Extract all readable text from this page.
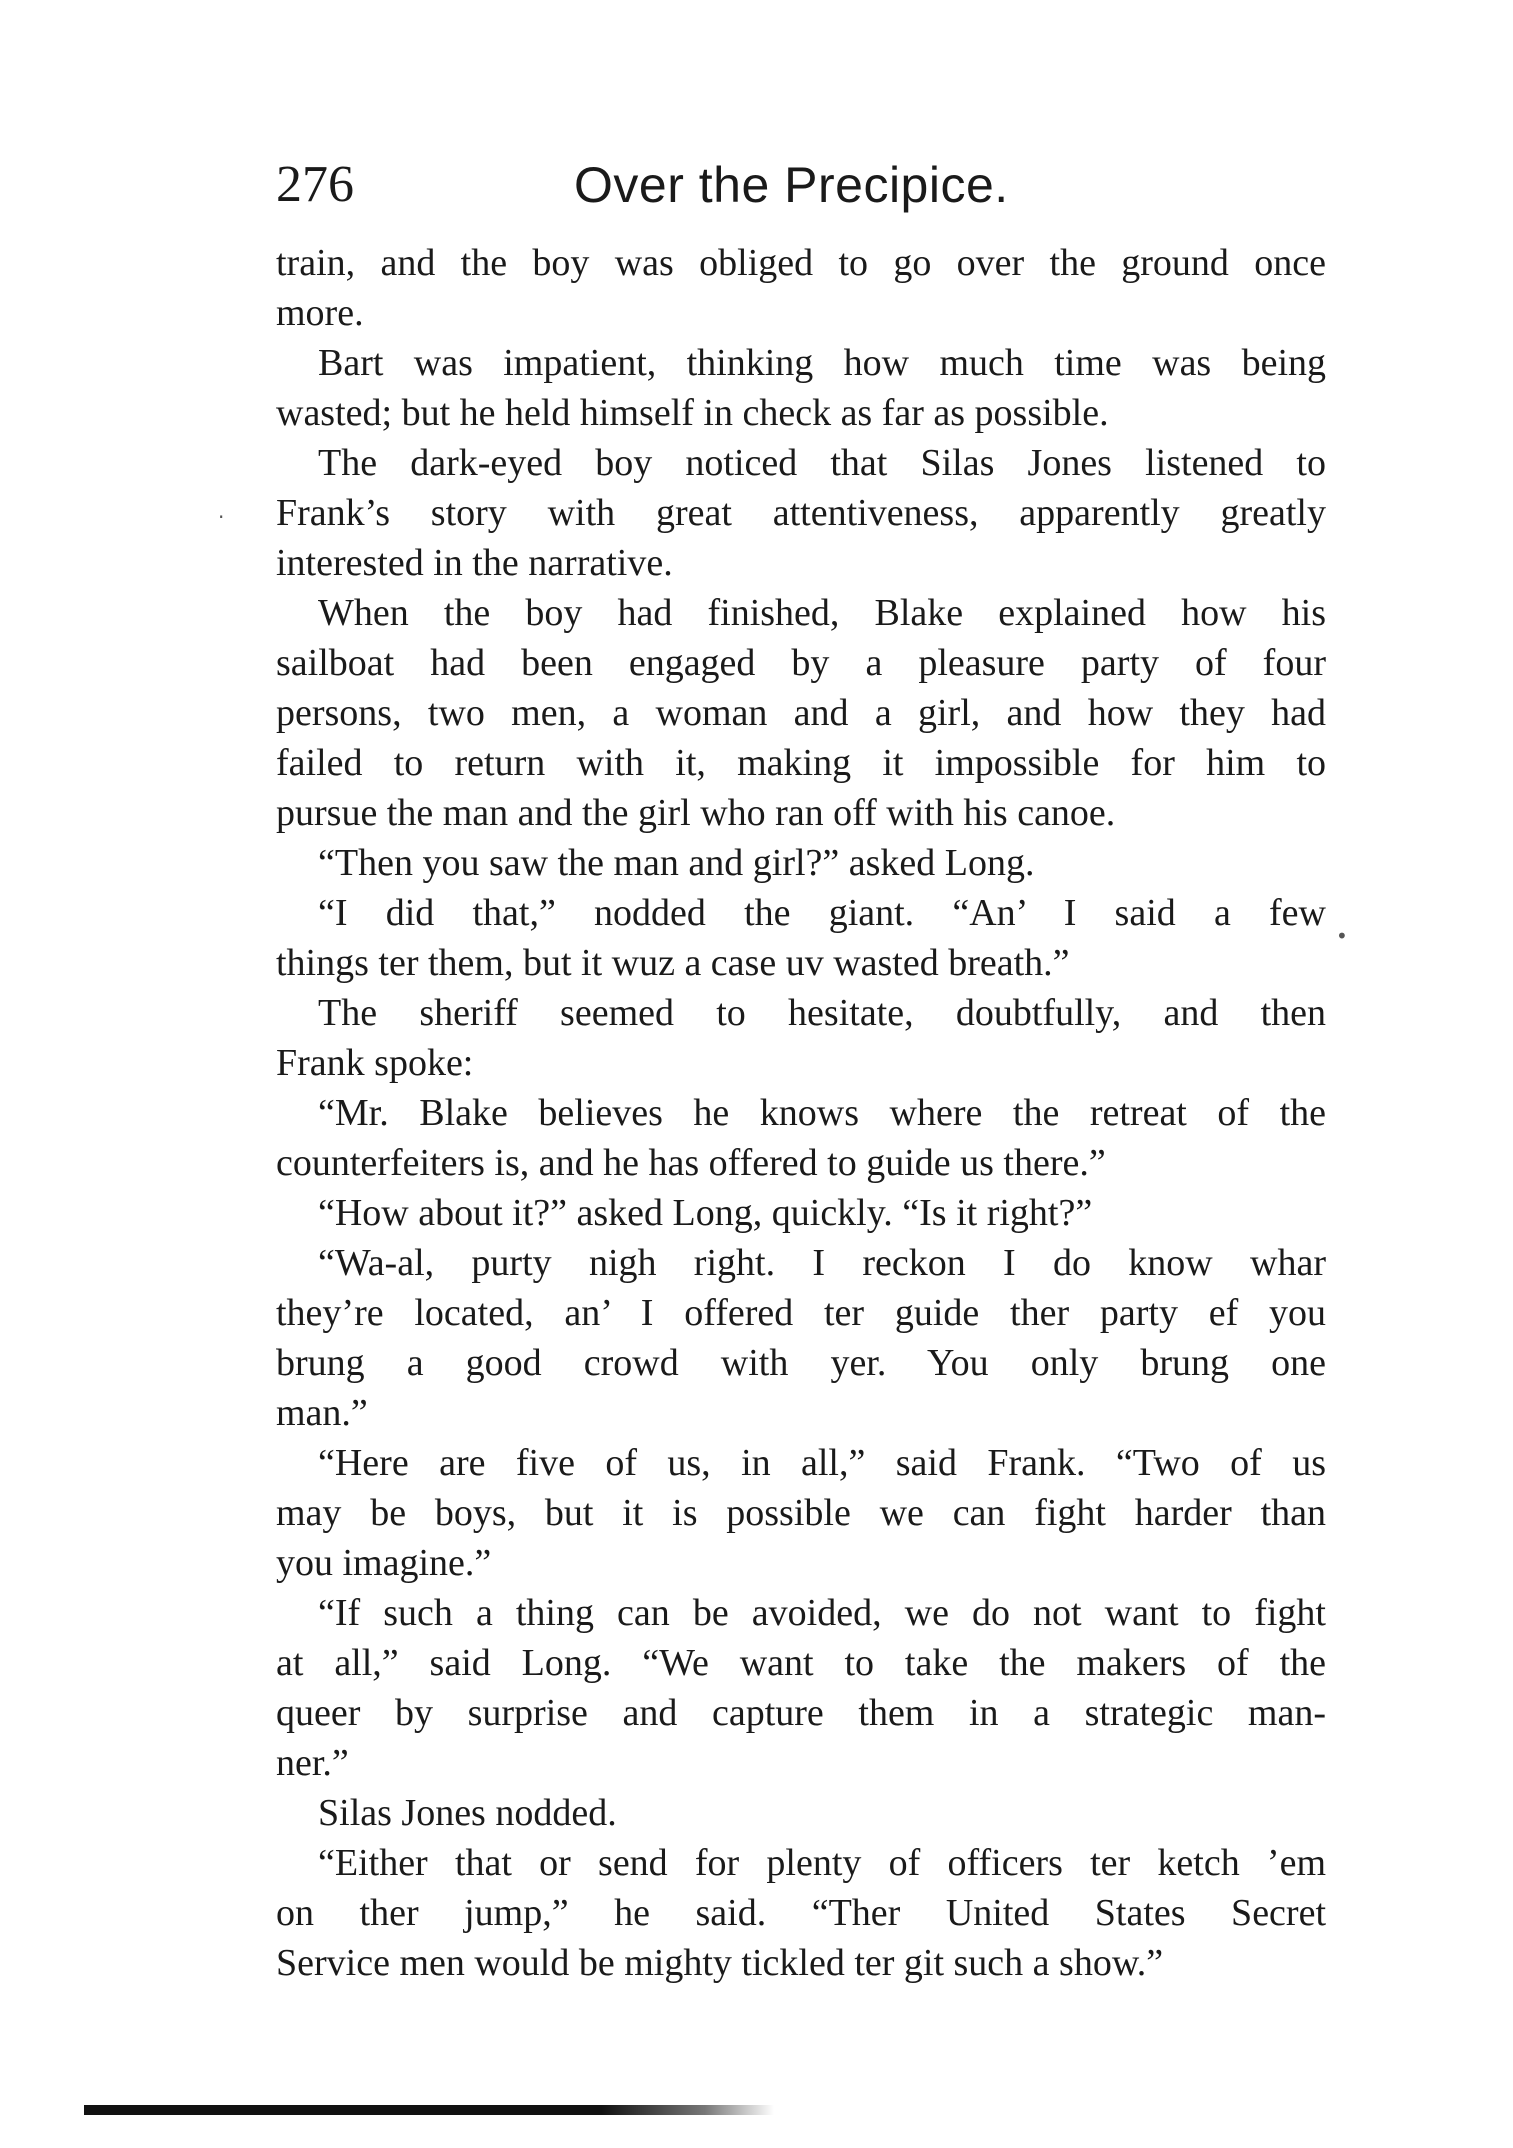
276	Over the Precipice.
train, and the boy was obliged to go over the ground once
more.
Bart was impatient, thinking how much time was being
wasted; but he held himself in check as far as possible.
The dark-eyed boy noticed that Silas Jones listened to
Frank’s story with great attentiveness, apparently greatly
interested in the narrative.
When the boy had finished, Blake explained how his
sailboat had been engaged by a pleasure party of four
persons, two men, a woman and a girl, and how they had
failed to return with it, making it impossible for him to
pursue the man and the girl who ran off with his canoe.
“Then you saw the man and girl?” asked Long.
“I did that,” nodded the giant. “An’ I said a few
things ter them, but it wuz a case uv wasted breath.”
The sheriff seemed to hesitate, doubtfully, and then
Frank spoke:
“Mr. Blake believes he knows where the retreat of the
counterfeiters is, and he has offered to guide us there.”
“How about it?” asked Long, quickly. “Is it right?”
“Wa-al, purty nigh right. I reckon I do know whar
they’re located, an’ I offered ter guide ther party ef you
brung a good crowd with yer. You only brung one
man.”
“Here are five of us, in all,” said Frank. “Two of us
may be boys, but it is possible we can fight harder than
you imagine.”
“If such a thing can be avoided, we do not want to fight
at all,” said Long. “We want to take the makers of the
queer by surprise and capture them in a strategic man-
ner.”
Silas Jones nodded.
“Either that or send for plenty of officers ter ketch ’em
on ther jump,” he said. “Ther United States Secret
Service men would be mighty tickled ter git such a show.”
·
•
